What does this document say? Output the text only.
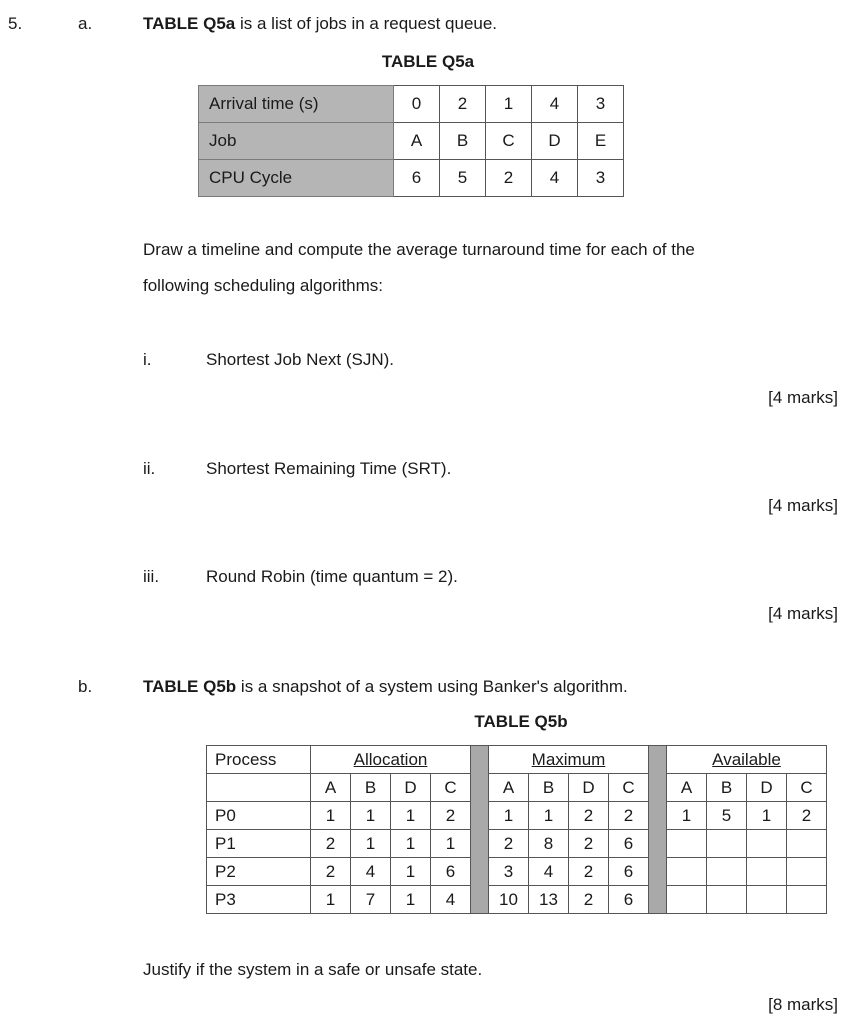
5.	a.	TABLE Q5a is a list of jobs in a request queue.
TABLE Q5a
Arrival time (s)	0	2	1	4	3
Job	A	B	C	D	E
CPU Cycle	6	5	2	4	3
Draw a timeline and compute the average turnaround time for each of the
following scheduling algorithms:
i.	Shortest Job Next (SJN).
[4 marks]
ii.	Shortest Remaining Time (SRT).
[4 marks]
iii.	Round Robin (time quantum = 2).
[4 marks]
b.	TABLE Q5b is a snapshot of a system using Banker's algorithm.
TABLE Q5b
Process	Allocation					Maximum					Available			
	A	B	D	C		A	B	D	C		A	B	D	C
P0	1	1	1	2		1	1	2	2		1	5	1	2
P1	2	1	1	1		2	8	2	6					
P2	2	4	1	6		3	4	2	6					
P3	1	7	1	4		10	13	2	6					
Justify if the system in a safe or unsafe state.
[8 marks]
